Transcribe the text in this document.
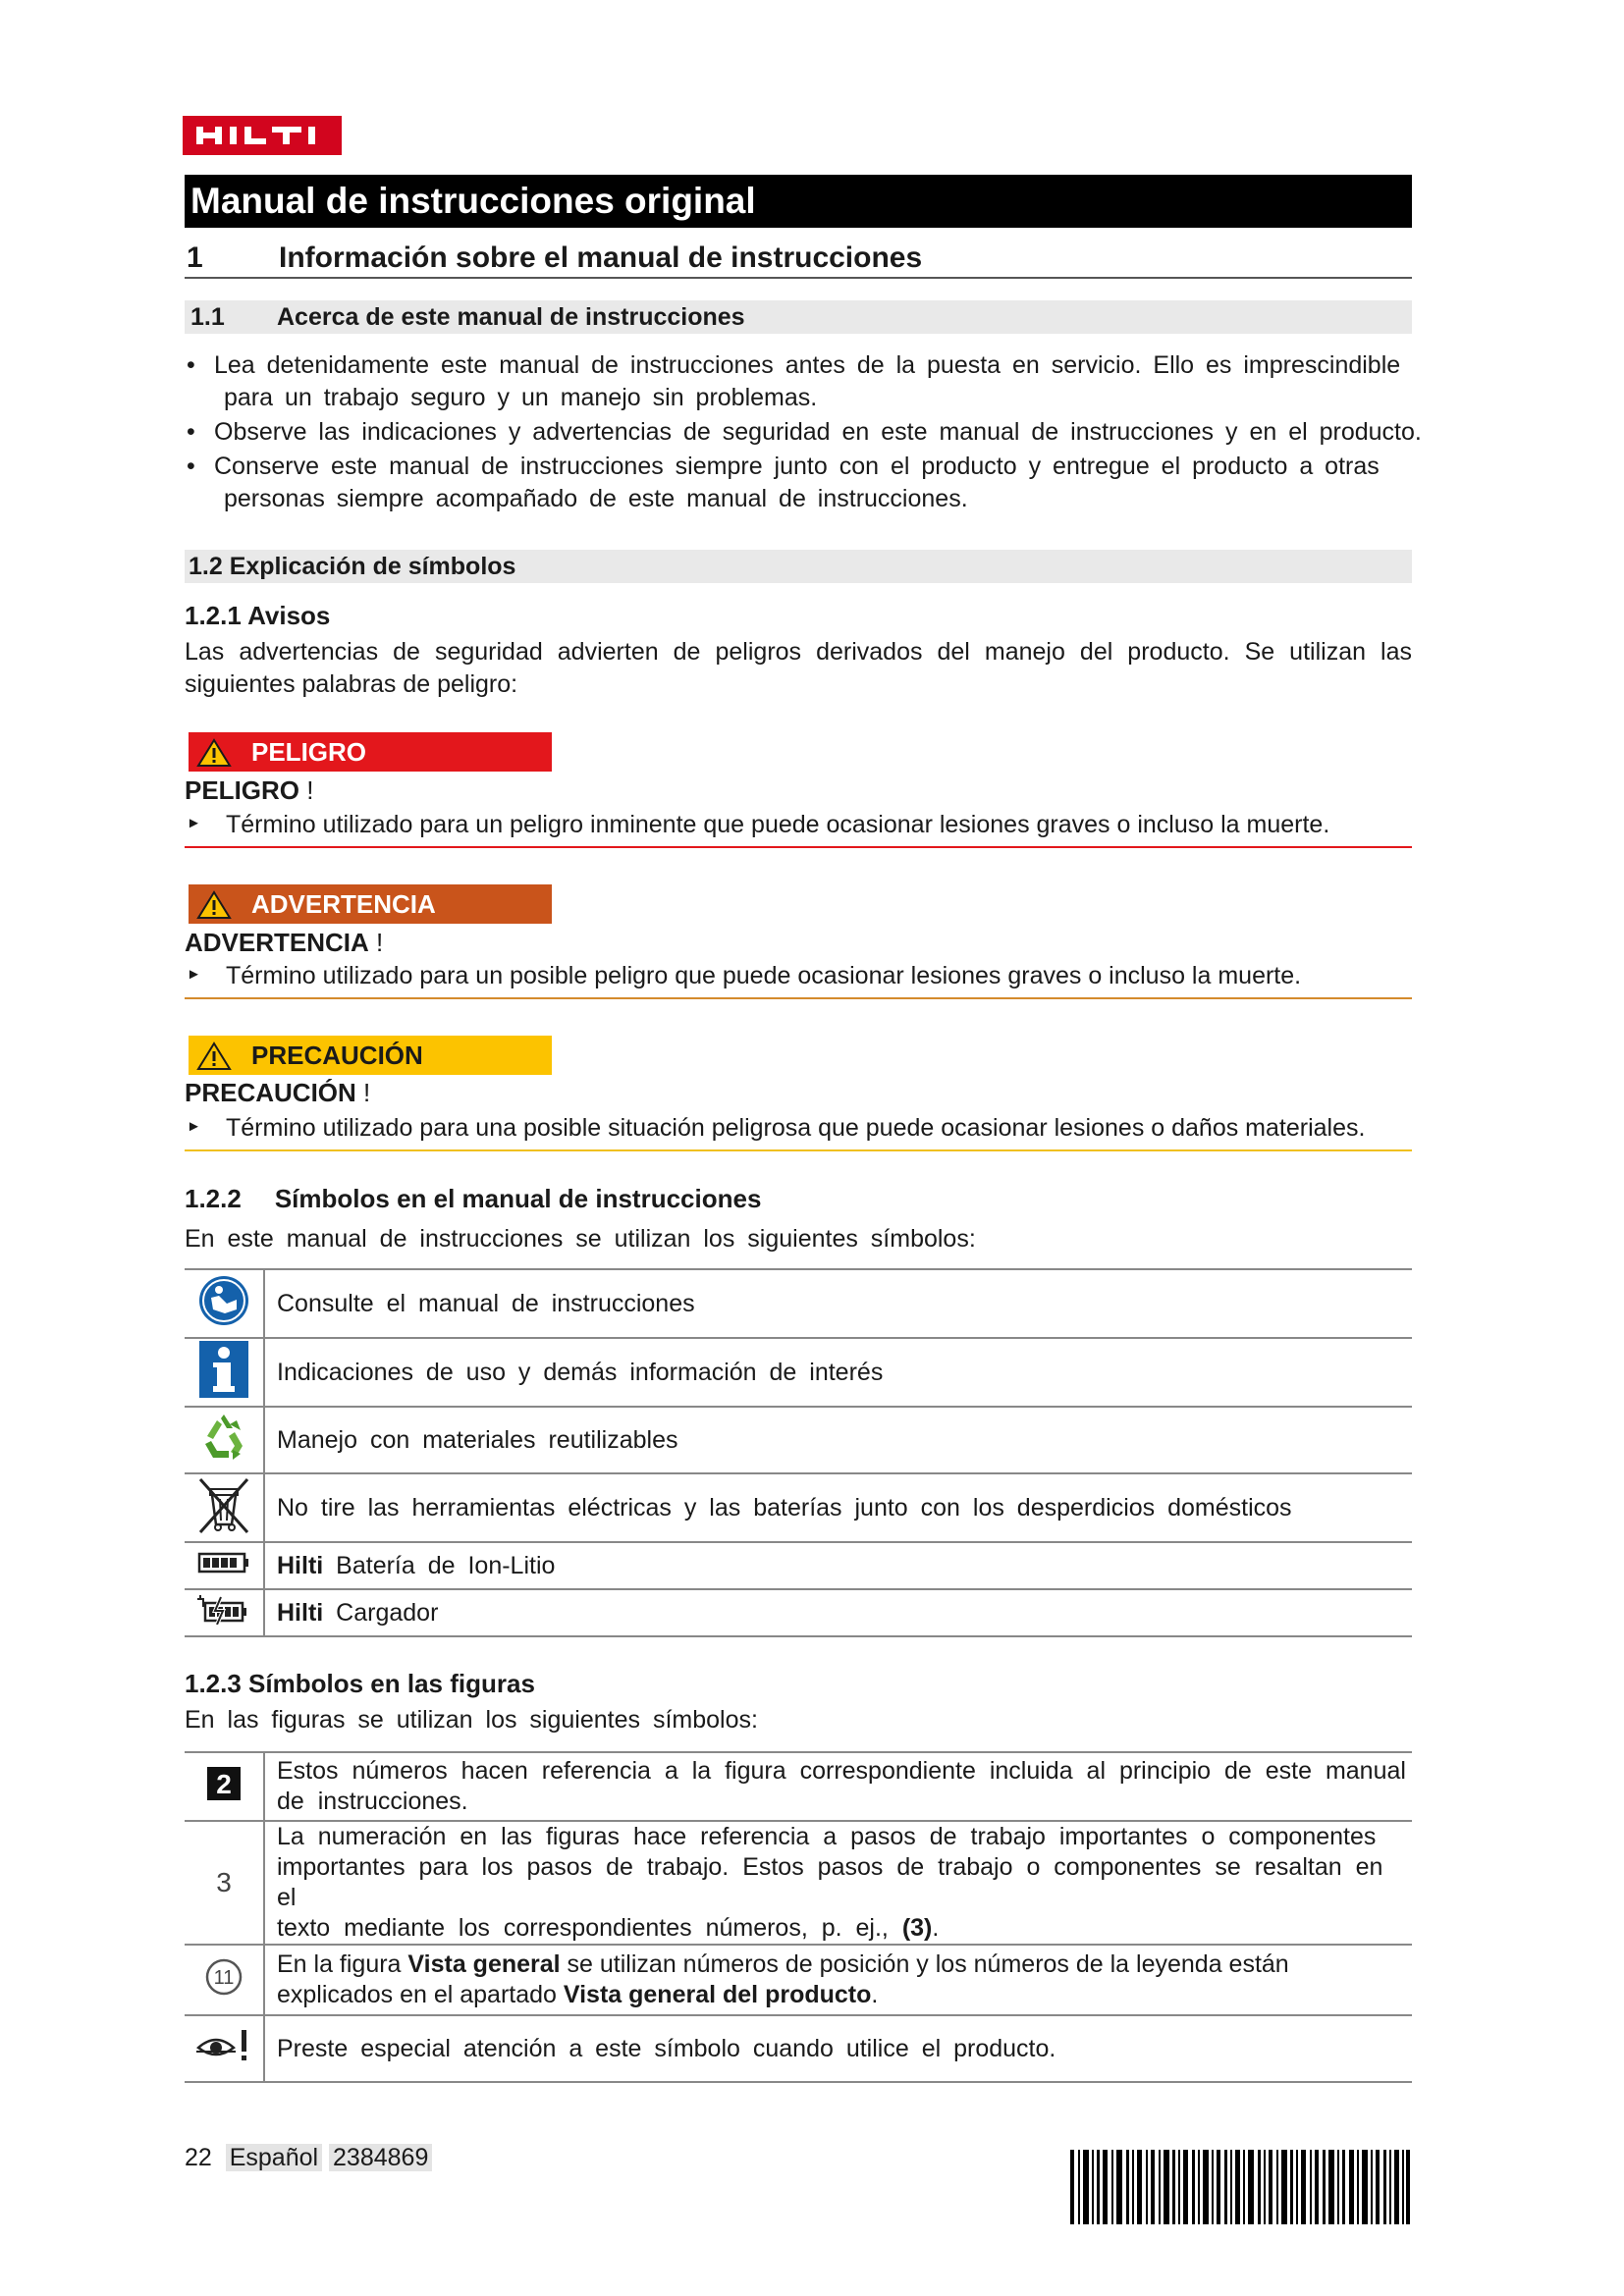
Manual de instrucciones original
1	Información sobre el manual de instrucciones
1.1 Acerca de este manual de instrucciones
• Lea detenidamente este manual de instrucciones antes de la puesta en servicio. Ello es imprescindible
para un trabajo seguro y un manejo sin problemas.
• Observe las indicaciones y advertencias de seguridad en este manual de instrucciones y en el producto.
• Conserve este manual de instrucciones siempre junto con el producto y entregue el producto a otras
personas siempre acompañado de este manual de instrucciones.
1.2 Explicación de símbolos
1.2.1 Avisos
Las advertencias de seguridad advierten de peligros derivados del manejo del producto. Se utilizan las siguientes palabras de peligro:
PELIGRO
PELIGRO !
► Término utilizado para un peligro inminente que puede ocasionar lesiones graves o incluso la muerte.
ADVERTENCIA
ADVERTENCIA !
► Término utilizado para un posible peligro que puede ocasionar lesiones graves o incluso la muerte.
PRECAUCIÓN
PRECAUCIÓN !
► Término utilizado para una posible situación peligrosa que puede ocasionar lesiones o daños materiales.
1.2.2 Símbolos en el manual de instrucciones
En este manual de instrucciones se utilizan los siguientes símbolos:
	Consulte el manual de instrucciones
	Indicaciones de uso y demás información de interés
	Manejo con materiales reutilizables
	No tire las herramientas eléctricas y las baterías junto con los desperdicios domésticos
	Hilti Batería de Ion-Litio
	Hilti Cargador
1.2.3 Símbolos en las figuras
En las figuras se utilizan los siguientes símbolos:
2	Estos números hacen referencia a la figura correspondiente incluida al principio de este manual
de instrucciones.

3	La numeración en las figuras hace referencia a pasos de trabajo importantes o componentes
importantes para los pasos de trabajo. Estos pasos de trabajo o componentes se resaltan en el
texto mediante los correspondientes números, p. ej., (3).

11	En la figura Vista general se utilizan números de posición y los números de la leyenda están
explicados en el apartado Vista general del producto.

	Preste especial atención a este símbolo cuando utilice el producto.
22 Español 2384869
